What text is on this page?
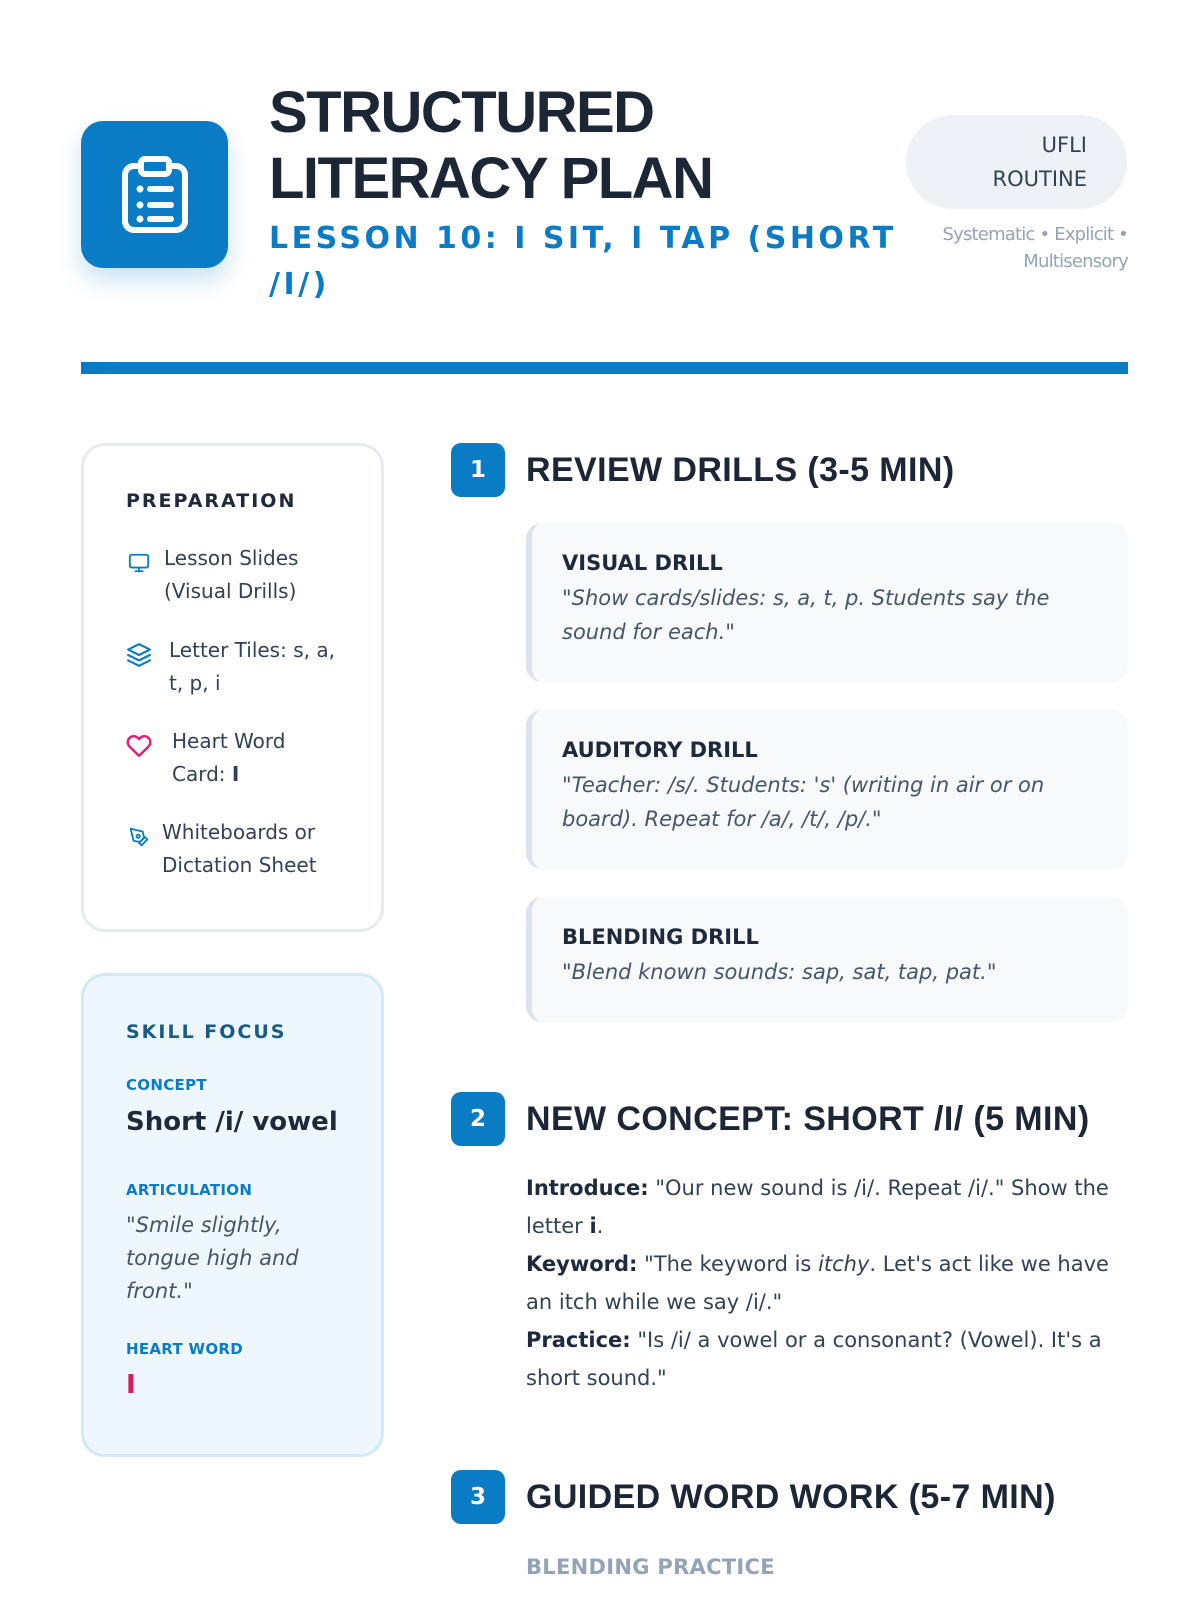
STRUCTURED LITERACY PLAN
LESSON 10: I SIT, I TAP (SHORT /I/)
UFLI
ROUTINE
Systematic • Explicit •
Multisensory
PREPARATION
Lesson Slides
(Visual Drills)
Letter Tiles: s, a,
t, p, i
Heart Word
Card: I
Whiteboards or
Dictation Sheet
SKILL FOCUS
CONCEPT
Short /i/ vowel
ARTICULATION
"Smile slightly, tongue high and front."
HEART WORD
I
1	REVIEW DRILLS (3-5 MIN)
VISUAL DRILL
"Show cards/slides: s, a, t, p. Students say the sound for each."
AUDITORY DRILL
"Teacher: /s/. Students: 's' (writing in air or on board). Repeat for /a/, /t/, /p/."
BLENDING DRILL
"Blend known sounds: sap, sat, tap, pat."
2	NEW CONCEPT: SHORT /I/ (5 MIN)

Introduce: "Our new sound is /i/. Repeat /i/." Show the letter i.

Keyword: "The keyword is itchy. Let's act like we have an itch while we say /i/."

Practice: "Is /i/ a vowel or a consonant? (Vowel). It's a short sound."

3	GUIDED WORD WORK (5-7 MIN)
BLENDING PRACTICE
